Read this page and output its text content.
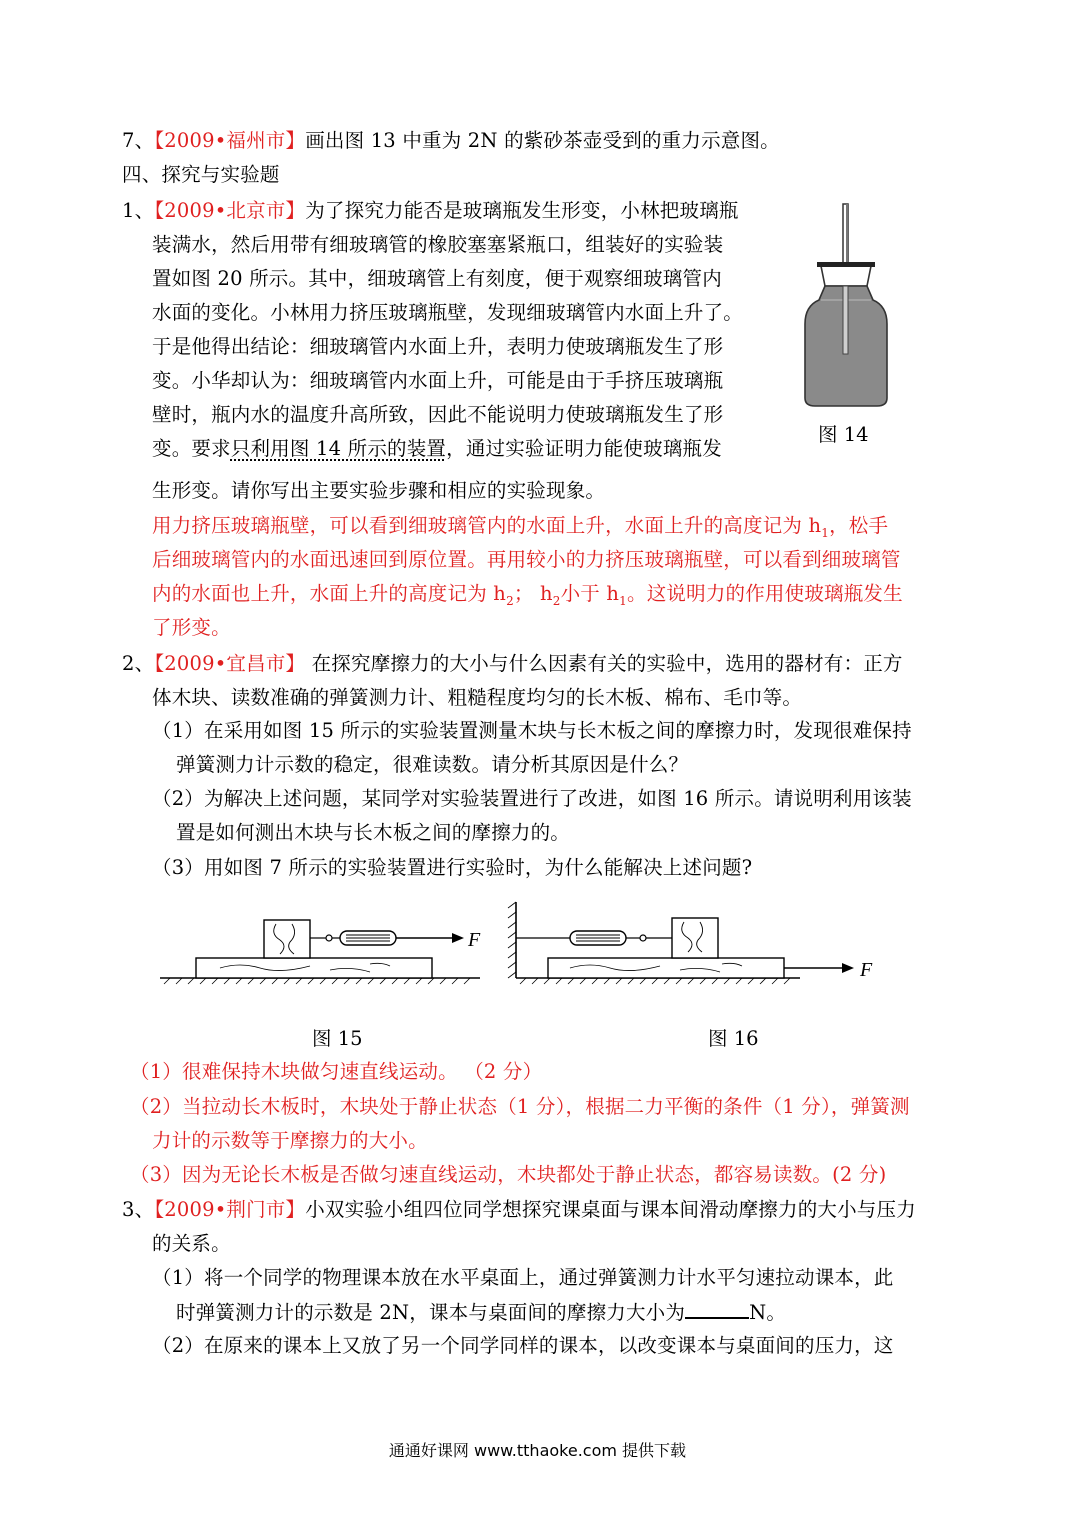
7、【2009•福州市】画出图 13 中重为 2N 的紫砂茶壶受到的重力示意图。
四、探究与实验题
1、【2009•北京市】为了探究力能否是玻璃瓶发生形变，小林把玻璃瓶
装满水，然后用带有细玻璃管的橡胶塞塞紧瓶口，组装好的实验装
置如图 20 所示。其中，细玻璃管上有刻度，便于观察细玻璃管内
水面的变化。小林用力挤压玻璃瓶壁，发现细玻璃管内水面上升了。
于是他得出结论：细玻璃管内水面上升，表明力使玻璃瓶发生了形
变。小华却认为：细玻璃管内水面上升，可能是由于手挤压玻璃瓶
壁时，瓶内水的温度升高所致，因此不能说明力使玻璃瓶发生了形
变。要求只利用图 14 所示的装置，通过实验证明力能使玻璃瓶发
生形变。请你写出主要实验步骤和相应的实验现象。
图 14
用力挤压玻璃瓶壁，可以看到细玻璃管内的水面上升，水面上升的高度记为 $h_1$，松手
后细玻璃管内的水面迅速回到原位置。再用较小的力挤压玻璃瓶壁，可以看到细玻璃管
内的水面也上升，水面上升的高度记为 $h_2$； $h_2$小于 $h_1$。这说明力的作用使玻璃瓶发生
了形变。
2、【2009•宜昌市】 在探究摩擦力的大小与什么因素有关的实验中，选用的器材有：正方
体木块、读数准确的弹簧测力计、粗糙程度均匀的长木板、棉布、毛巾等。
（1）在采用如图 15 所示的实验装置测量木块与长木板之间的摩擦力时，发现很难保持
弹簧测力计示数的稳定，很难读数。请分析其原因是什么？
（2）为解决上述问题，某同学对实验装置进行了改进，如图 16 所示。请说明利用该装
置是如何测出木块与长木板之间的摩擦力的。
（3）用如图 7 所示的实验装置进行实验时，为什么能解决上述问题?
F
图 15
F
图 16
（1）很难保持木块做匀速直线运动。 （2 分）
（2）当拉动长木板时，木块处于静止状态（1 分），根据二力平衡的条件（1 分），弹簧测
力计的示数等于摩擦力的大小。
（3）因为无论长木板是否做匀速直线运动，木块都处于静止状态，都容易读数。(2 分)
3、【2009•荆门市】小双实验小组四位同学想探究课桌面与课本间滑动摩擦力的大小与压力
的关系。
（1）将一个同学的物理课本放在水平桌面上，通过弹簧测力计水平匀速拉动课本，此
时弹簧测力计的示数是 2N，课本与桌面间的摩擦力大小为	N。
（2）在原来的课本上又放了另一个同学同样的课本，以改变课本与桌面间的压力，这
通通好课网 www.tthaoke.com 提供下载
